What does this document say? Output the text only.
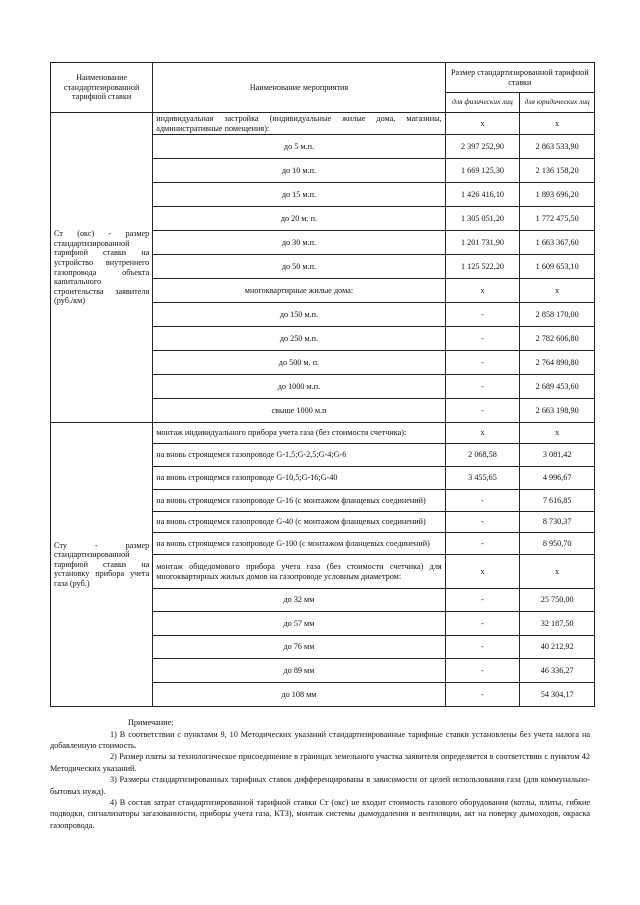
Наименование стандартизированной тарифной ставки	Наименование мероприятия	Размер стандартизированной тарифной ставки	
		для физических лиц	для юридических лиц
Ст (окс) - размер стандартизированной тарифной ставки на устройство внутреннего газопровода объекта капитального строительства заявителя (руб./км)	индивидуальная застройка (индивидуальные жилые дома, магазины, административные помещения):	х	х
	до 5 м.п.	2 397 252,90	2 863 533,90
	до 10 м.п.	1 669 125,30	2 136 158,20
	до 15 м.п.	1 426 416,10	1 893 696,20
	до 20 м. п.	1 305 051,20	1 772 475,50
	до 30 м.п.	1 201 731,90	1 663 367,60
	до 50 м.п.	1 125 522,20	1 609 653,10
	многоквартирные жилые дома:	х	х
	до 150 м.п.	-	2 858 170,00
	до 250 м.п.	-	2 782 606,80
	до 500 м. п.	-	2 764 890,80
	до 1000 м.п.	-	2 689 453,60
	свыше 1000 м.п	-	2 663 198,90
Сту - размер стандартизированной тарифной ставки на установку прибора учета газа (руб.)	монтаж индивидуального прибора учета газа (без стоимости счетчика):	х	х
	на вновь строящемся газопроводе G-1,5;G-2,5;G-4;G-6	2 068,58	3 081,42
	на вновь строящемся газопроводе G-10,5;G-16;G-40	3 455,65	4 996,67
	на вновь строящемся газопроводе G-16 (с монтажом фланцевых соединений)	-	7 616,85
	на вновь строящемся газопроводе G-40 (с монтажом фланцевых соединений)	-	8 730,37
	на вновь строящемся газопроводе G-100 (с монтажом фланцевых соединений)	-	8 950,70
	монтаж общедомового прибора учета газа (без стоимости счетчика) для многоквартирных жилых домов на газопроводе условным диаметром:	х	х
	до 32 мм	-	25 750,00
	до 57 мм	-	32 187,50
	до 76 мм	-	40 212,92
	до 89 мм	-	46 336,27
	до 108 мм	-	54 304,17
Примечание:

1) В соответствии с пунктами 9, 10 Методических указаний стандартизированные тарифные ставки установлены без учета налога на добавленную стоимость.

2) Размер платы за технологическое присоединение в границах земельного участка заявителя определяется в соответствии с пунктом 42 Методических указаний.

3) Размеры стандартизированных тарифных ставок дифференцированы в зависимости от целей использования газа (для коммунально-бытовых нужд).

4) В состав затрат стандартизированной тарифной ставки Ст (окс) не входит стоимость газового оборудования (котлы, плиты, гибкие подводки, сигнализаторы загазованности, приборы учета газа, КТЗ), монтаж системы дымоудаления и вентиляции, акт на поверку дымоходов, окраска газопровода.
